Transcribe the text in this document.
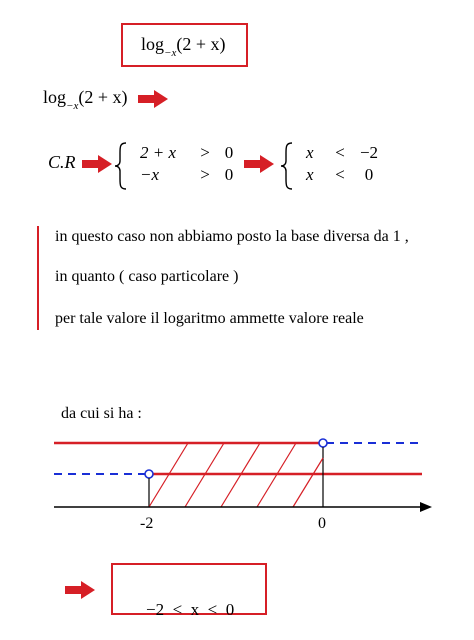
$\log_{-x}(2 + x)$
$\log_{-x}(2 + x)$
C.R	2 + x > 0
−x > 0
x < −2
x < 0
in questo caso non abbiamo posto la base diversa da 1 ,
in quanto ( caso particolare )
per tale valore il logaritmo ammette valore reale
da cui si ha :
-2	0

−2  <  x  <  0
